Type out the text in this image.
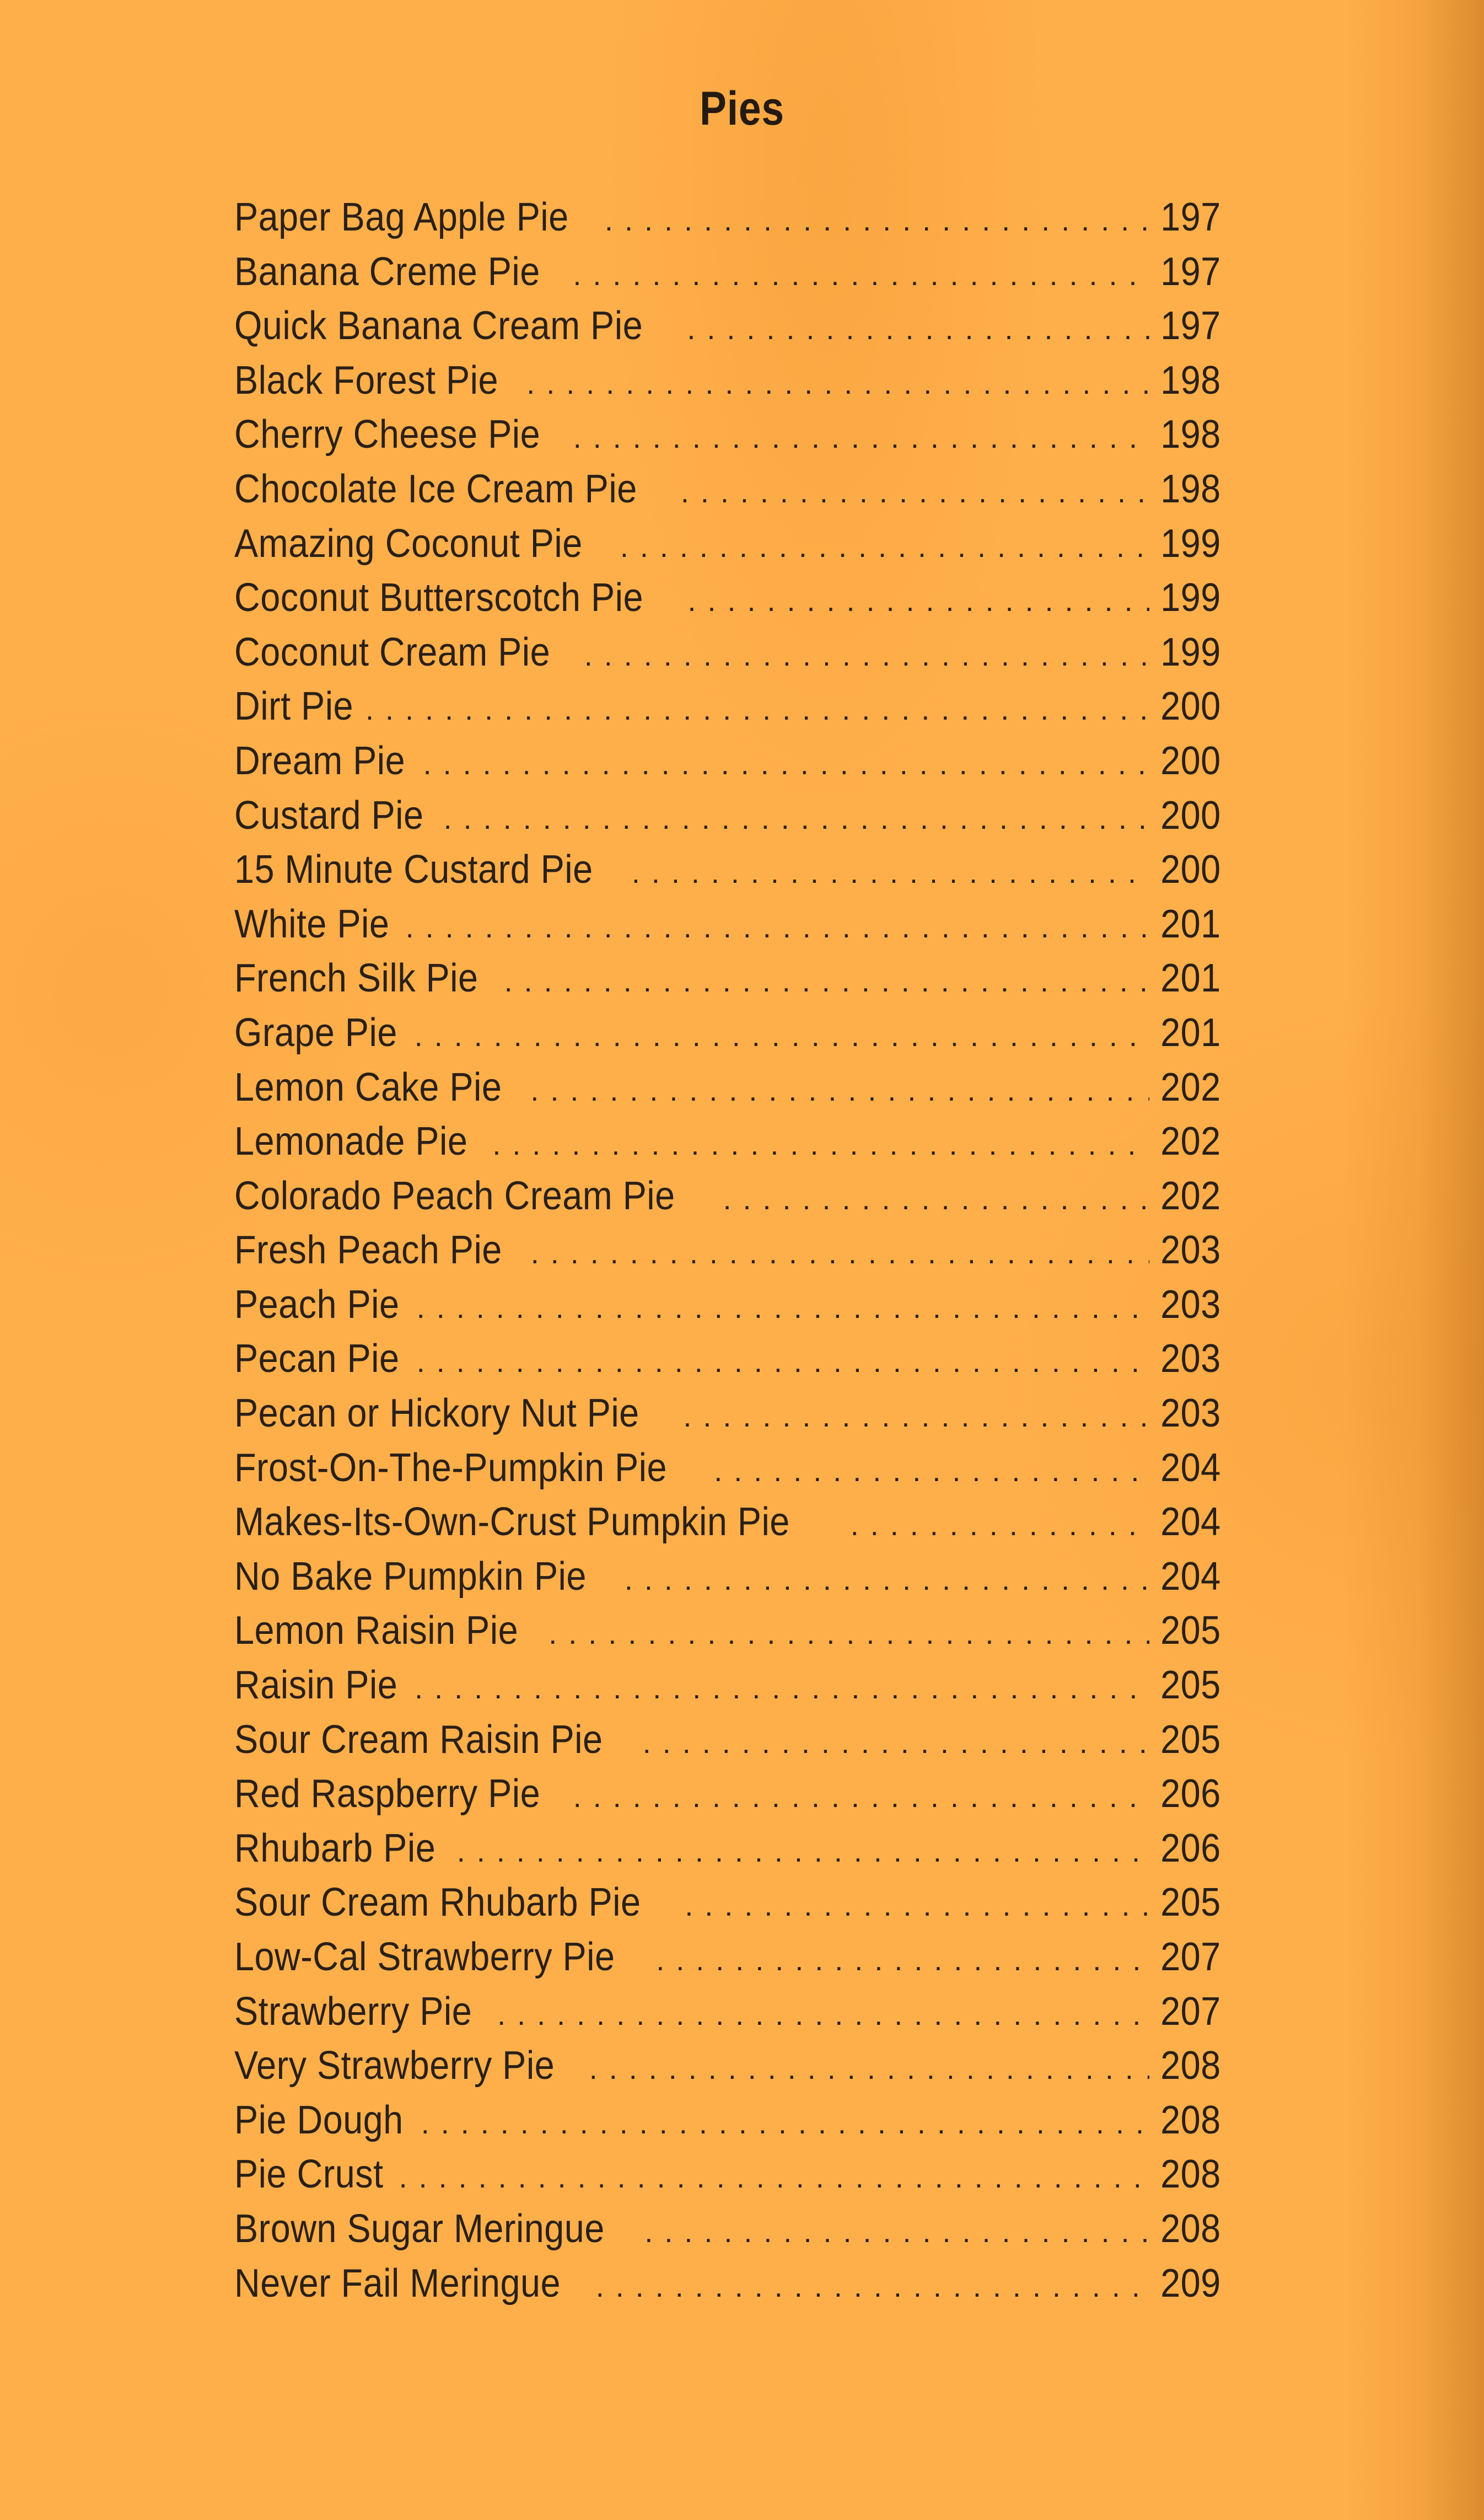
Pies
Paper Bag Apple Pie . . .	197
Banana Creme Pie . . .	197
Quick Banana Cream Pie . . .	197
Black Forest Pie . . .	198
Cherry Cheese Pie . . .	198
Chocolate Ice Cream Pie . . .	198
Amazing Coconut Pie . . .	199
Coconut Butterscotch Pie . . .	199
Coconut Cream Pie . . .	199
Dirt Pie . . .	200
Dream Pie . . .	200
Custard Pie . . .	200
15 Minute Custard Pie . . .	200
White Pie . . .	201
French Silk Pie . . .	201
Grape Pie . . .	201
Lemon Cake Pie . . .	202
Lemonade Pie . . .	202
Colorado Peach Cream Pie . . .	202
Fresh Peach Pie . . .	203
Peach Pie . . .	203
Pecan Pie . . .	203
Pecan or Hickory Nut Pie . . .	203
Frost-On-The-Pumpkin Pie . . .	204
Makes-Its-Own-Crust Pumpkin Pie . . .	204
No Bake Pumpkin Pie . . .	204
Lemon Raisin Pie . . .	205
Raisin Pie . . .	205
Sour Cream Raisin Pie . . .	205
Red Raspberry Pie . . .	206
Rhubarb Pie . . .	206
Sour Cream Rhubarb Pie . . .	205
Low-Cal Strawberry Pie . . .	207
Strawberry Pie . . .	207
Very Strawberry Pie . . .	208
Pie Dough . . .	208
Pie Crust . . .	208
Brown Sugar Meringue . . .	208
Never Fail Meringue . . .	209
